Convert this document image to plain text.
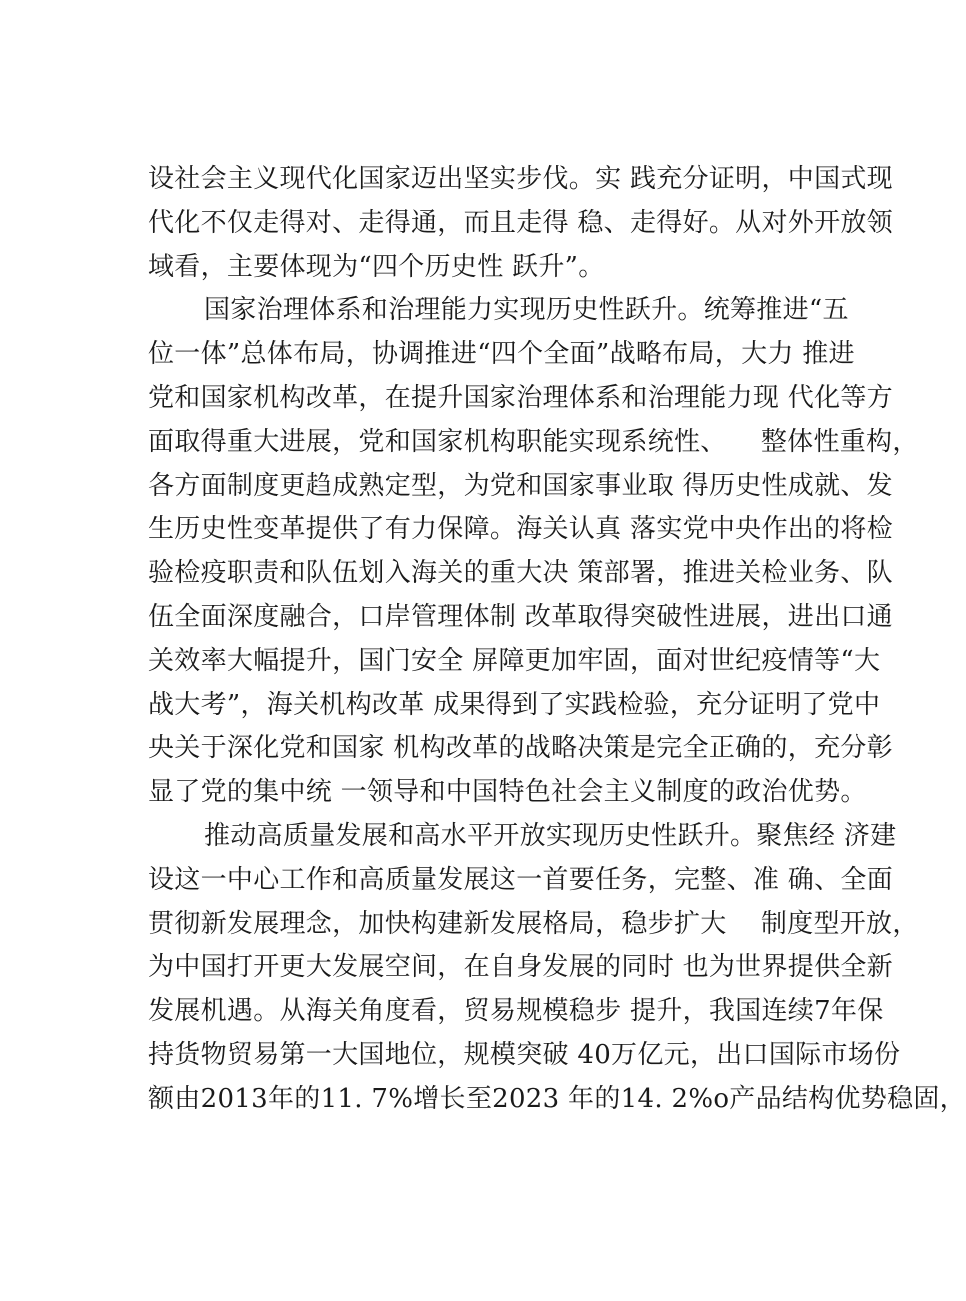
设社会主义现代化国家迈出坚实步伐。实 践充分证明，中国式现
代化不仅走得对、走得通，而且走得 稳、走得好。从对外开放领
域看，主要体现为“四个历史性 跃升”。
国家治理体系和治理能力实现历史性跃升。统筹推进“五
位一体”总体布局，协调推进“四个全面”战略布局，大力 推进
党和国家机构改革，在提升国家治理体系和治理能力现 代化等方
面取得重大进展，党和国家机构职能实现系统性、    整体性重构，
各方面制度更趋成熟定型，为党和国家事业取 得历史性成就、发
生历史性变革提供了有力保障。海关认真 落实党中央作出的将检
验检疫职责和队伍划入海关的重大决 策部署，推进关检业务、队
伍全面深度融合，口岸管理体制 改革取得突破性进展，进出口通
关效率大幅提升，国门安全 屏障更加牢固，面对世纪疫情等“大
战大考”，海关机构改革 成果得到了实践检验，充分证明了党中
央关于深化党和国家 机构改革的战略决策是完全正确的，充分彰
显了党的集中统 一领导和中国特色社会主义制度的政治优势。
推动高质量发展和高水平开放实现历史性跃升。聚焦经 济建
设这一中心工作和高质量发展这一首要任务，完整、准 确、全面
贯彻新发展理念，加快构建新发展格局，稳步扩大    制度型开放，
为中国打开更大发展空间，在自身发展的同时 也为世界提供全新
发展机遇。从海关角度看，贸易规模稳步 提升，我国连续7年保
持货物贸易第一大国地位，规模突破 40万亿元，出口国际市场份
额由2013年的11. 7%增长至2023 年的14. 2%o产品结构优势稳固，
